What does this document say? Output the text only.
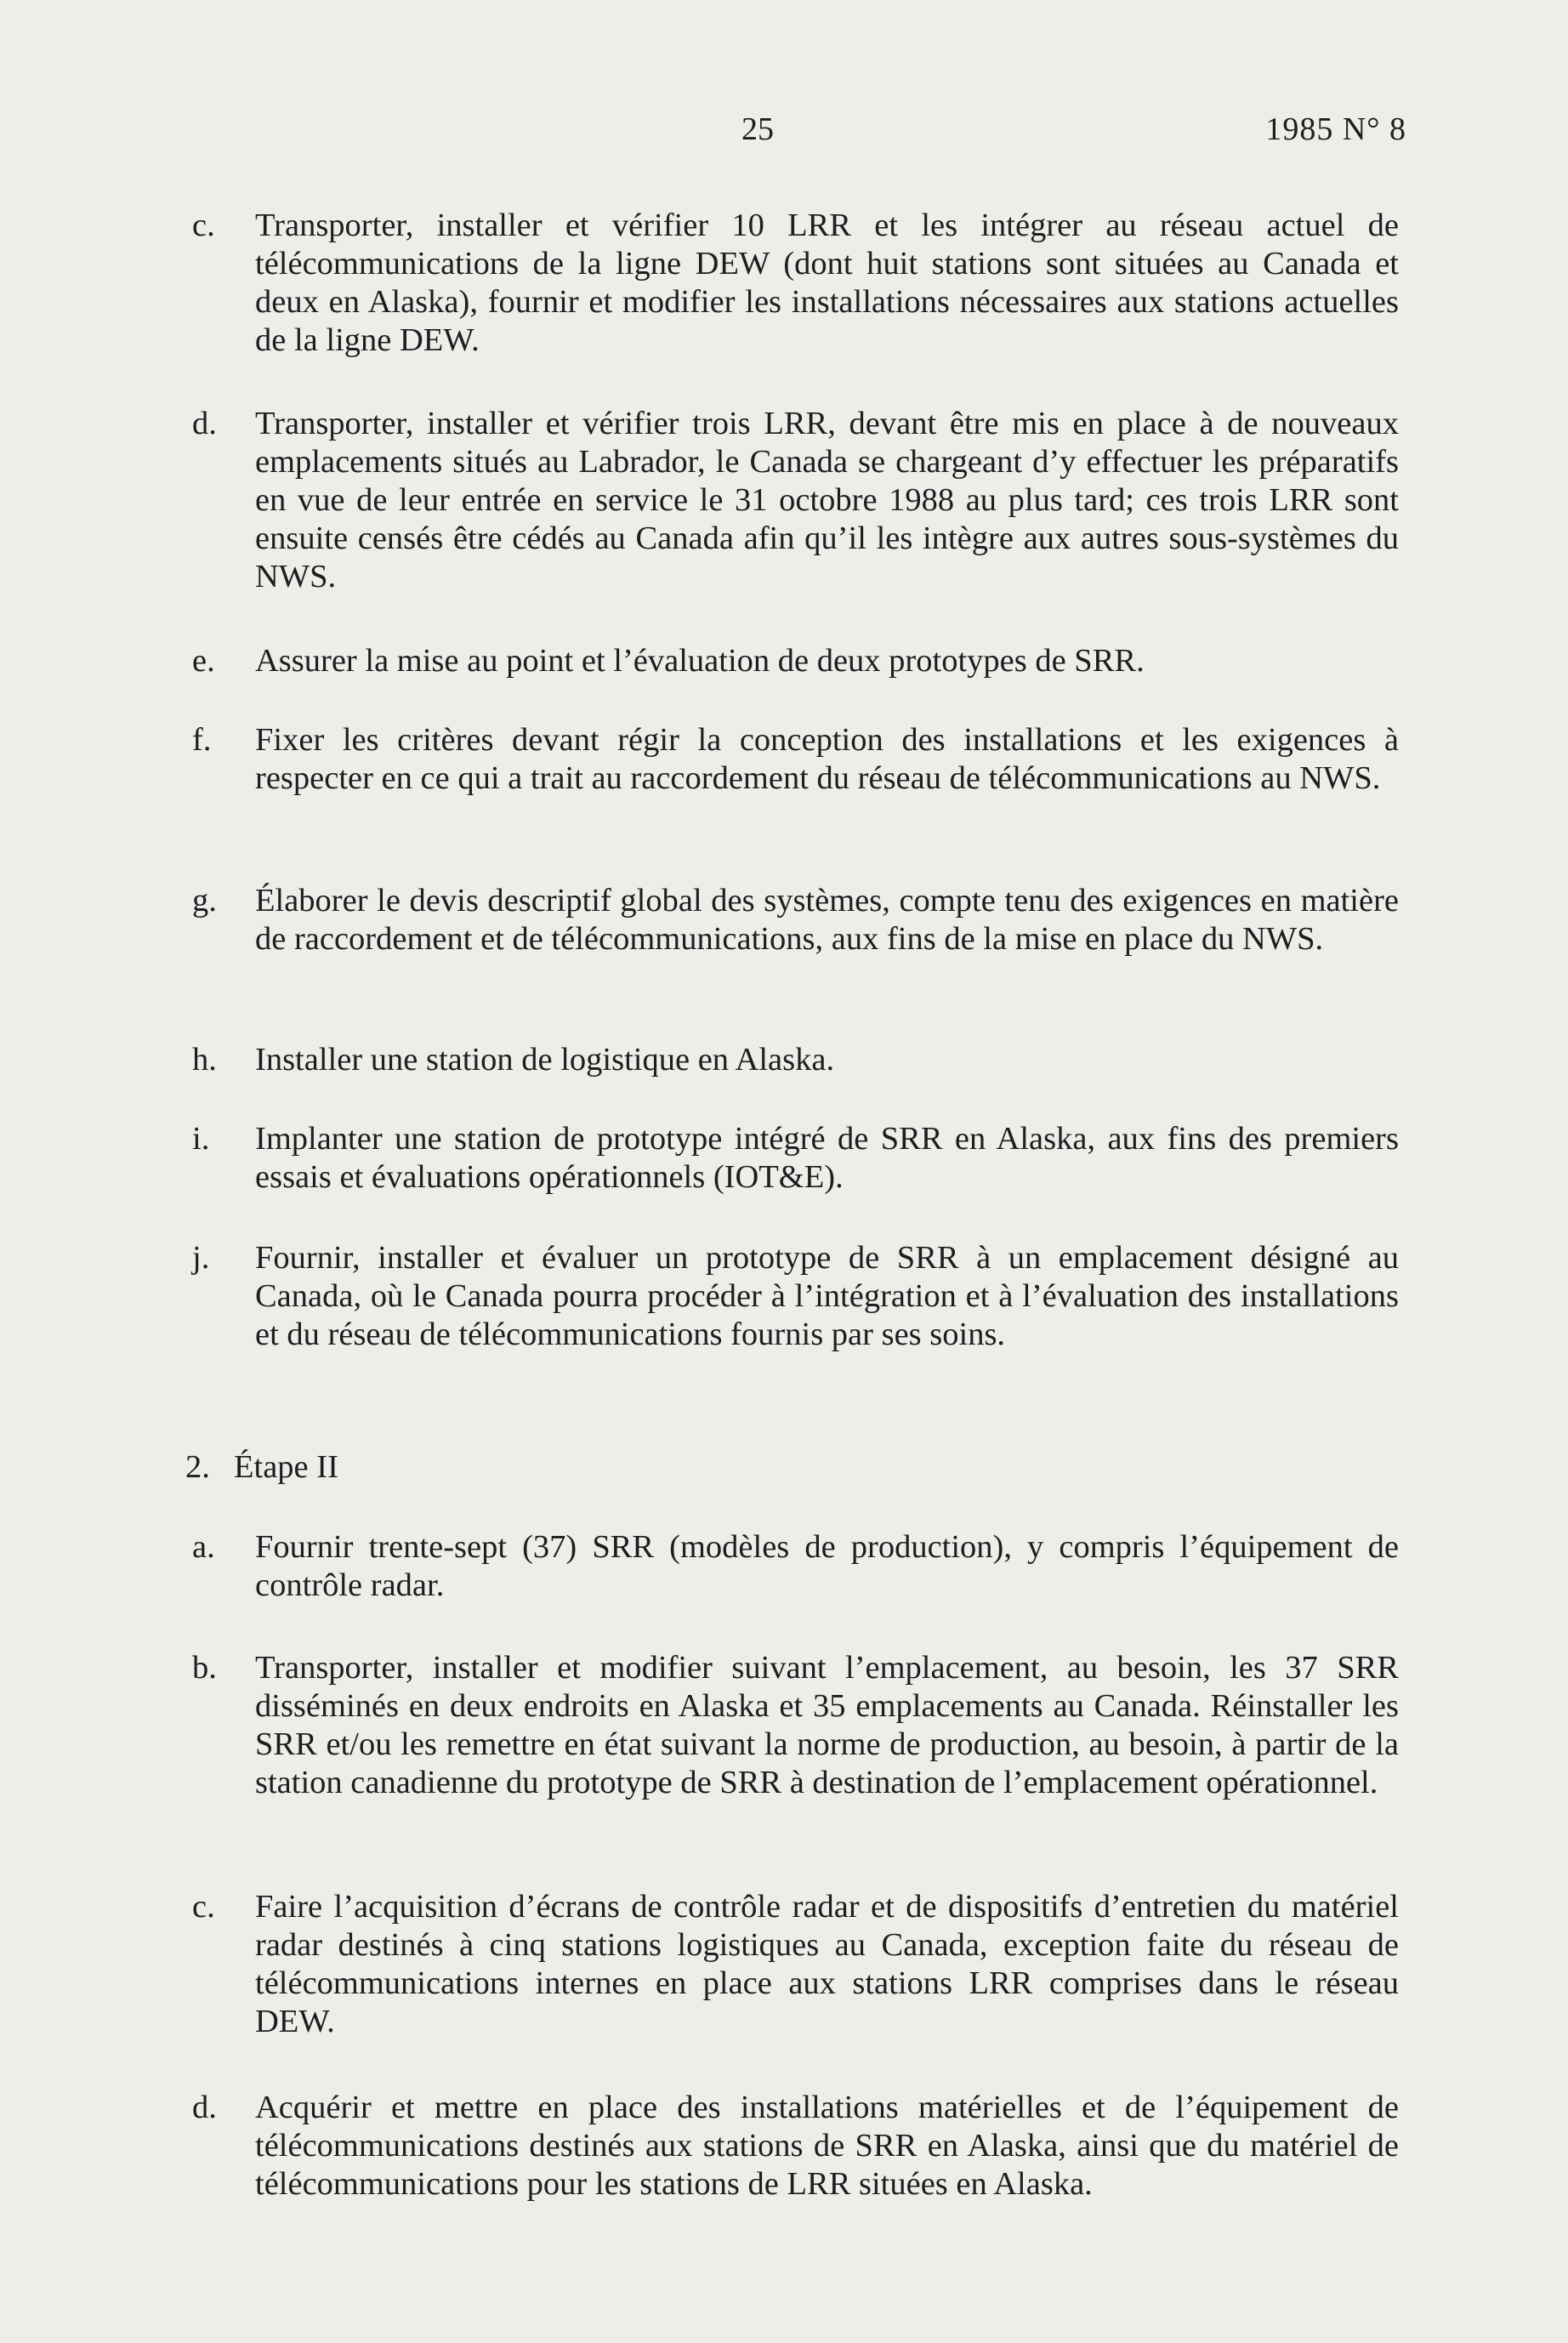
25	1985 N° 8
c. Transporter, installer et vérifier 10 LRR et les intégrer au réseau actuel de télécommunications de la ligne DEW (dont huit stations sont situées au Canada et deux en Alaska), fournir et modifier les installations nécessaires aux stations actuelles de la ligne DEW.
d. Transporter, installer et vérifier trois LRR, devant être mis en place à de nouveaux emplacements situés au Labrador, le Canada se chargeant d’y effectuer les préparatifs en vue de leur entrée en service le 31 octobre 1988 au plus tard; ces trois LRR sont ensuite censés être cédés au Canada afin qu’il les intègre aux autres sous-systèmes du NWS.
e. Assurer la mise au point et l’évaluation de deux prototypes de SRR.
f. Fixer les critères devant régir la conception des installations et les exigences à respecter en ce qui a trait au raccordement du réseau de télécommunications au NWS.
g. Élaborer le devis descriptif global des systèmes, compte tenu des exigences en matière de raccordement et de télécommunications, aux fins de la mise en place du NWS.
h. Installer une station de logistique en Alaska.
i. Implanter une station de prototype intégré de SRR en Alaska, aux fins des premiers essais et évaluations opérationnels (IOT&E).
j. Fournir, installer et évaluer un prototype de SRR à un emplacement désigné au Canada, où le Canada pourra procéder à l’intégration et à l’évaluation des installations et du réseau de télécommunications fournis par ses soins.
2. Étape II
a. Fournir trente-sept (37) SRR (modèles de production), y compris l’équipement de contrôle radar.
b. Transporter, installer et modifier suivant l’emplacement, au besoin, les 37 SRR disséminés en deux endroits en Alaska et 35 emplacements au Canada. Réinstaller les SRR et/ou les remettre en état suivant la norme de production, au besoin, à partir de la station canadienne du prototype de SRR à destination de l’emplacement opérationnel.
c. Faire l’acquisition d’écrans de contrôle radar et de dispositifs d’entretien du matériel radar destinés à cinq stations logistiques au Canada, exception faite du réseau de télécommunications internes en place aux stations LRR comprises dans le réseau DEW.
d. Acquérir et mettre en place des installations matérielles et de l’équipement de télécommunications destinés aux stations de SRR en Alaska, ainsi que du matériel de télécommunications pour les stations de LRR situées en Alaska.
